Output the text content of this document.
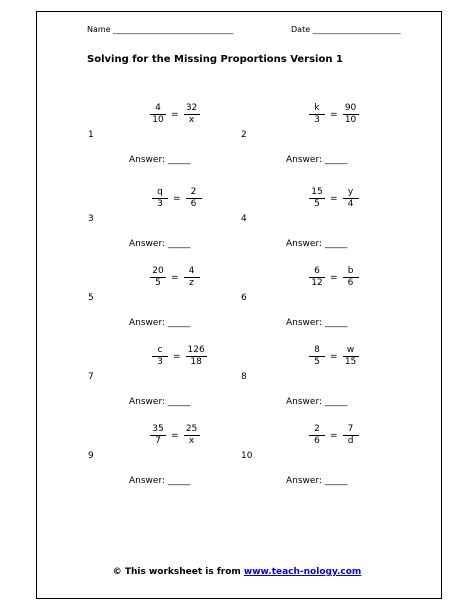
Name ______________________________	Date ______________________
Solving for the Missing Proportions Version 1
1
$\frac{4}{10} = \frac{32}{x}$
Answer: _____
2
$\frac{k}{3} = \frac{90}{10}$
Answer: _____
3
$\frac{q}{3} = \frac{2}{6}$
Answer: _____
4
$\frac{15}{5} = \frac{y}{4}$
Answer: _____
5
$\frac{20}{5} = \frac{4}{z}$
Answer: _____
6
$\frac{6}{12} = \frac{b}{6}$
Answer: _____
7
$\frac{c}{3} = \frac{126}{18}$
Answer: _____
8
$\frac{8}{5} = \frac{w}{15}$
Answer: _____
9
$\frac{35}{7} = \frac{25}{x}$
Answer: _____
10
$\frac{2}{6} = \frac{7}{d}$
Answer: _____
© This worksheet is from www.teach-nology.com
